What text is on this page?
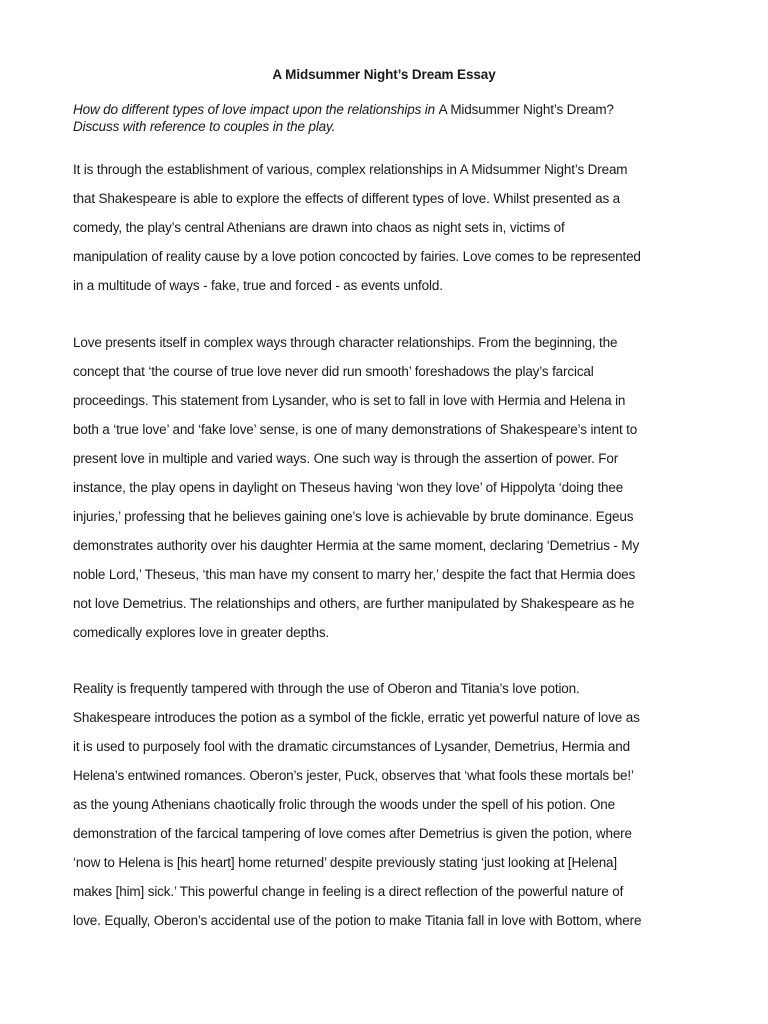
A Midsummer Night’s Dream Essay
How do different types of love impact upon the relationships in A Midsummer Night’s Dream?
Discuss with reference to couples in the play.
It is through the establishment of various, complex relationships in A Midsummer Night’s Dream
that Shakespeare is able to explore the effects of different types of love. Whilst presented as a
comedy, the play’s central Athenians are drawn into chaos as night sets in, victims of
manipulation of reality cause by a love potion concocted by fairies. Love comes to be represented
in a multitude of ways - fake, true and forced - as events unfold.
Love presents itself in complex ways through character relationships. From the beginning, the
concept that ‘the course of true love never did run smooth’ foreshadows the play’s farcical
proceedings. This statement from Lysander, who is set to fall in love with Hermia and Helena in
both a ‘true love’ and ‘fake love’ sense, is one of many demonstrations of Shakespeare’s intent to
present love in multiple and varied ways. One such way is through the assertion of power. For
instance, the play opens in daylight on Theseus having ‘won they love’ of Hippolyta ‘doing thee
injuries,’ professing that he believes gaining one’s love is achievable by brute dominance. Egeus
demonstrates authority over his daughter Hermia at the same moment, declaring ‘Demetrius - My
noble Lord,’ Theseus, ‘this man have my consent to marry her,’ despite the fact that Hermia does
not love Demetrius. The relationships and others, are further manipulated by Shakespeare as he
comedically explores love in greater depths.
Reality is frequently tampered with through the use of Oberon and Titania’s love potion.
Shakespeare introduces the potion as a symbol of the fickle, erratic yet powerful nature of love as
it is used to purposely fool with the dramatic circumstances of Lysander, Demetrius, Hermia and
Helena’s entwined romances. Oberon’s jester, Puck, observes that ‘what fools these mortals be!’
as the young Athenians chaotically frolic through the woods under the spell of his potion. One
demonstration of the farcical tampering of love comes after Demetrius is given the potion, where
‘now to Helena is [his heart] home returned’ despite previously stating ‘just looking at [Helena]
makes [him] sick.’ This powerful change in feeling is a direct reflection of the powerful nature of
love. Equally, Oberon’s accidental use of the potion to make Titania fall in love with Bottom, where
